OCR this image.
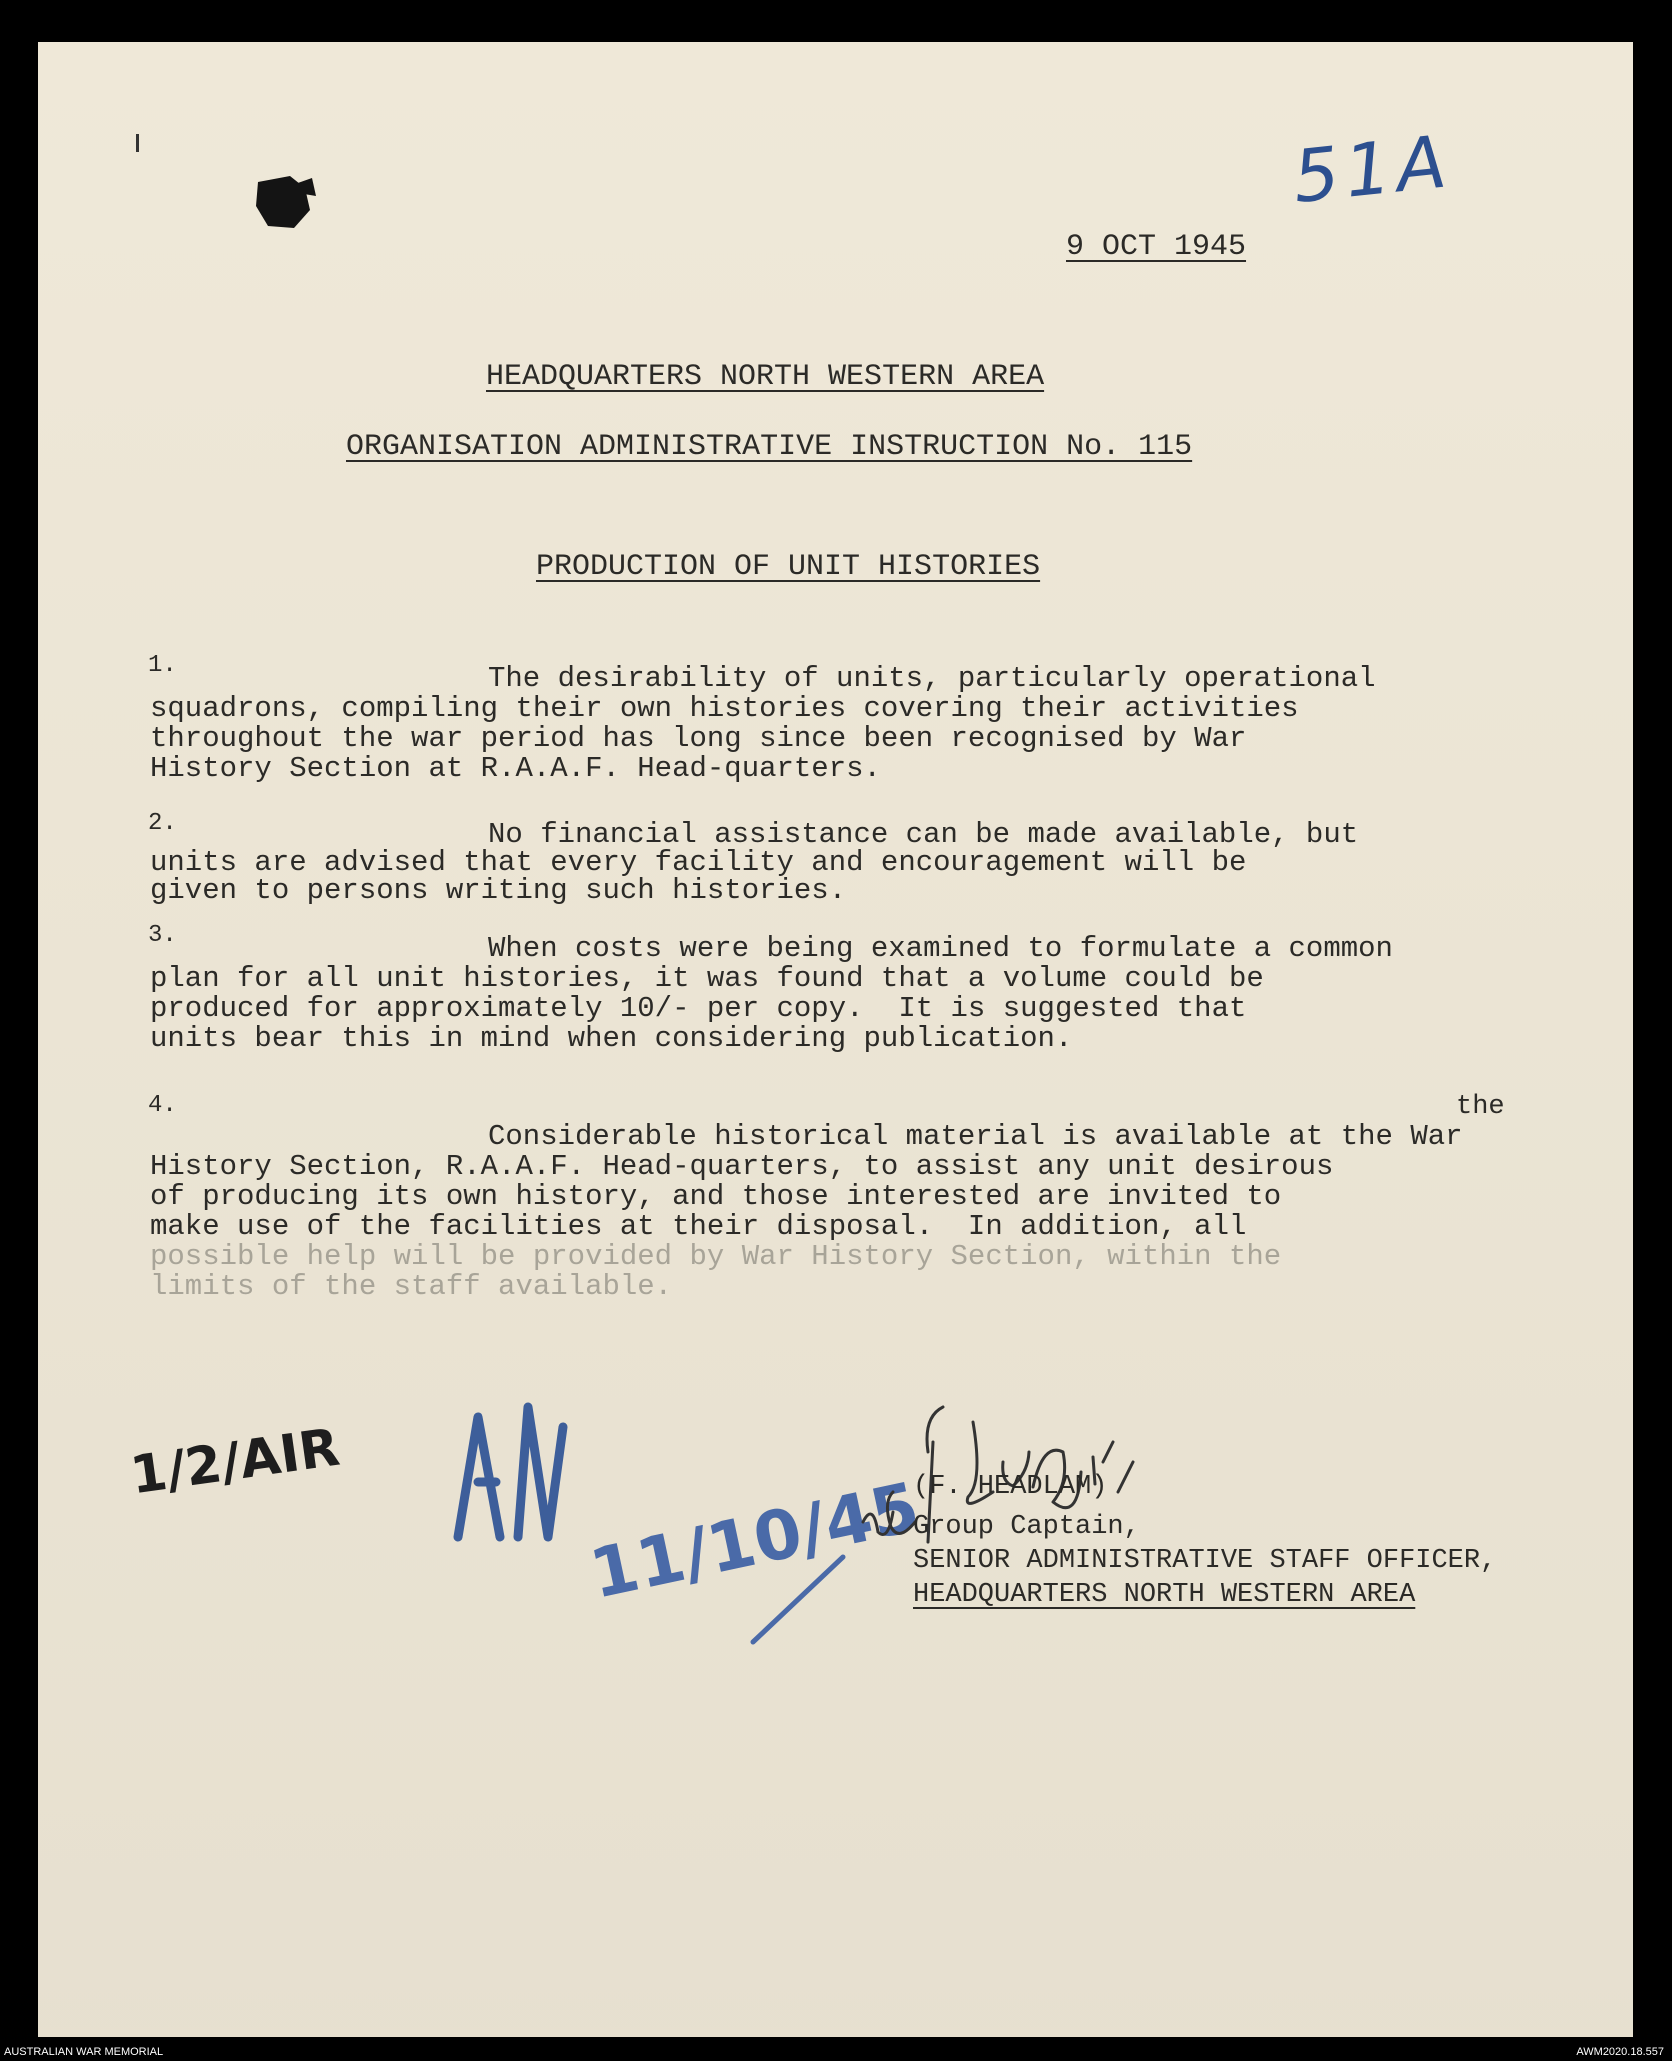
51A
9 OCT 1945
HEADQUARTERS NORTH WESTERN AREA
ORGANISATION ADMINISTRATIVE INSTRUCTION No. 115
PRODUCTION OF UNIT HISTORIES
1.	The desirability of units, particularly operational
squadrons, compiling their own histories covering their activities
throughout the war period has long since been recognised by War
History Section at R.A.A.F. Head-quarters.
2.	No financial assistance can be made available, but
units are advised that every facility and encouragement will be
given to persons writing such histories.
3.	When costs were being examined to formulate a common
plan for all unit histories, it was found that a volume could be
produced for approximately 10/- per copy.  It is suggested that
units bear this in mind when considering publication.
4.	the
Considerable historical material is available at the War
History Section, R.A.A.F. Head-quarters, to assist any unit desirous
of producing its own history, and those interested are invited to
make use of the facilities at their disposal.  In addition, all
possible help will be provided by War History Section, within the
limits of the staff available.
1/2/AIR
11/10/45
(F. HEADLAM)
Group Captain,
SENIOR ADMINISTRATIVE STAFF OFFICER,
HEADQUARTERS NORTH WESTERN AREA
AUSTRALIAN WAR MEMORIAL	AWM2020.18.557
